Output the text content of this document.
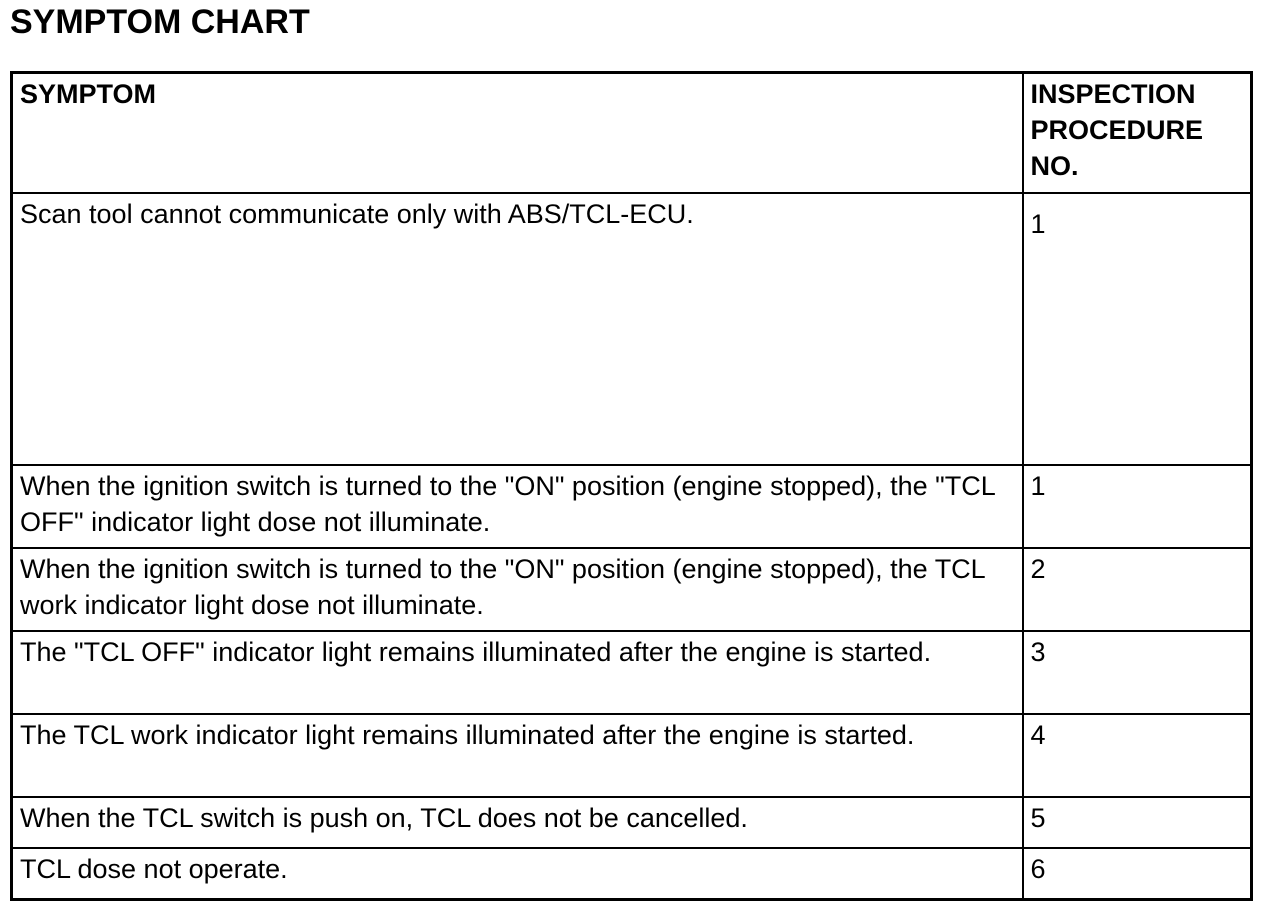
SYMPTOM CHART
SYMPTOM	INSPECTION PROCEDURE NO.
Scan tool cannot communicate only with ABS/TCL-ECU.	1
When the ignition switch is turned to the "ON" position (engine stopped), the "TCL OFF" indicator light dose not illuminate.	1
When the ignition switch is turned to the "ON" position (engine stopped), the TCL work indicator light dose not illuminate.	2
The "TCL OFF" indicator light remains illuminated after the engine is started.	3
The TCL work indicator light remains illuminated after the engine is started.	4
When the TCL switch is push on, TCL does not be cancelled.	5
TCL dose not operate.	6
